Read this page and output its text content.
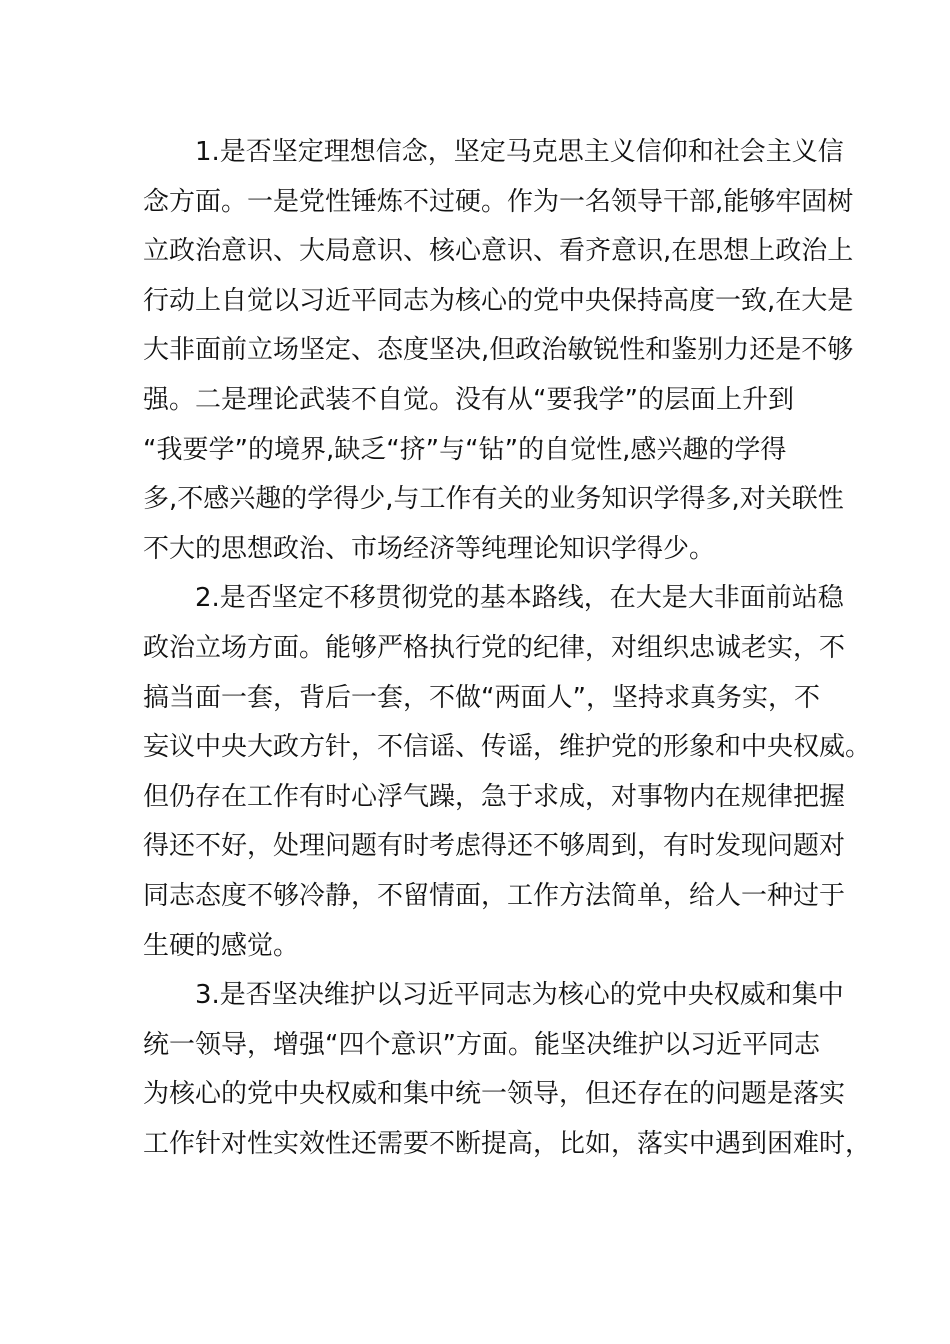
1.是否坚定理想信念，坚定马克思主义信仰和社会主义信
念方面。一是党性锤炼不过硬。作为一名领导干部,能够牢固树
立政治意识、大局意识、核心意识、看齐意识,在思想上政治上
行动上自觉以习近平同志为核心的党中央保持高度一致,在大是
大非面前立场坚定、态度坚决,但政治敏锐性和鉴别力还是不够
强。二是理论武装不自觉。没有从“要我学”的层面上升到
“我要学”的境界,缺乏“挤”与“钻”的自觉性,感兴趣的学得
多,不感兴趣的学得少,与工作有关的业务知识学得多,对关联性
不大的思想政治、市场经济等纯理论知识学得少。
2.是否坚定不移贯彻党的基本路线，在大是大非面前站稳
政治立场方面。能够严格执行党的纪律，对组织忠诚老实，不
搞当面一套，背后一套，不做“两面人”，坚持求真务实，不
妄议中央大政方针，不信谣、传谣，维护党的形象和中央权威。
但仍存在工作有时心浮气躁，急于求成，对事物内在规律把握
得还不好，处理问题有时考虑得还不够周到，有时发现问题对
同志态度不够冷静，不留情面，工作方法简单，给人一种过于
生硬的感觉。
3.是否坚决维护以习近平同志为核心的党中央权威和集中
统一领导，增强“四个意识”方面。能坚决维护以习近平同志
为核心的党中央权威和集中统一领导，但还存在的问题是落实
工作针对性实效性还需要不断提高，比如，落实中遇到困难时，
